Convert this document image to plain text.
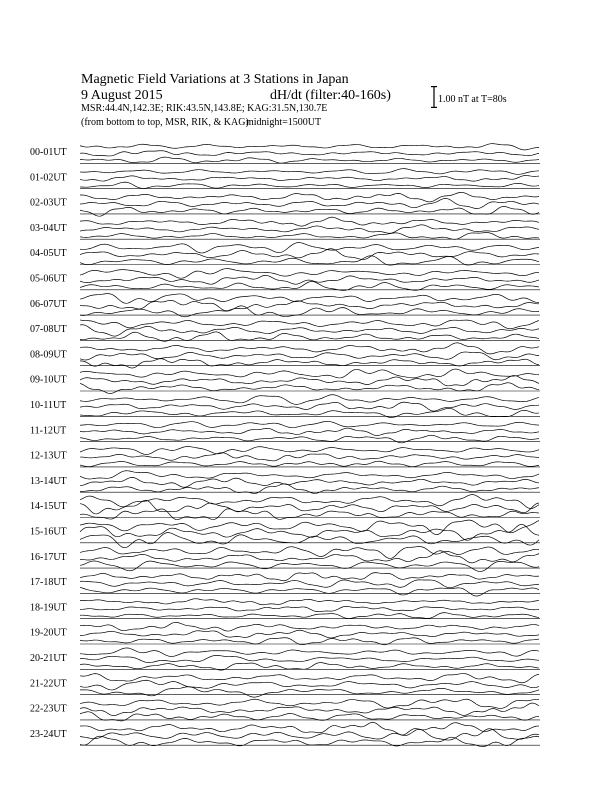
Magnetic Field Variations at 3 Stations in Japan
9 August 2015	dH/dt (filter:40-160s)
MSR:44.4N,142.3E; RIK:43.5N,143.8E; KAG:31.5N,130.7E
(from bottom to top, MSR, RIK, & KAG)
midnight=1500UT
1.00 nT at T=80s
00-01UT
01-02UT
02-03UT
03-04UT
04-05UT
05-06UT
06-07UT
07-08UT
08-09UT
09-10UT
10-11UT
11-12UT
12-13UT
13-14UT
14-15UT
15-16UT
16-17UT
17-18UT
18-19UT
19-20UT
20-21UT
21-22UT
22-23UT
23-24UT
